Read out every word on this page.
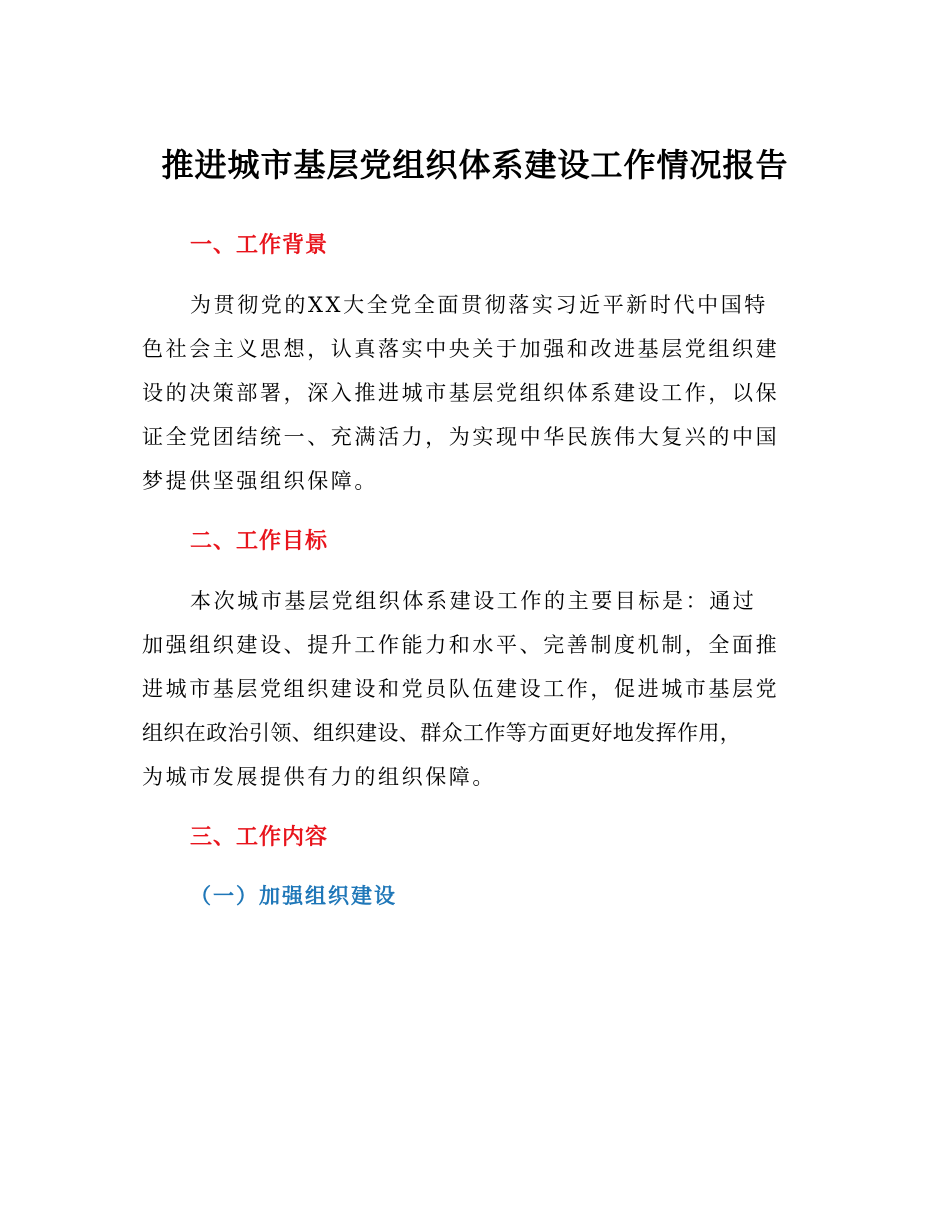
推进城市基层党组织体系建设工作情况报告
一、工作背景
为贯彻党的XX大全党全面贯彻落实习近平新时代中国特
色社会主义思想，认真落实中央关于加强和改进基层党组织建
设的决策部署，深入推进城市基层党组织体系建设工作，以保
证全党团结统一、充满活力，为实现中华民族伟大复兴的中国
梦提供坚强组织保障。
二、工作目标
本次城市基层党组织体系建设工作的主要目标是：通过
加强组织建设、提升工作能力和水平、完善制度机制，全面推
进城市基层党组织建设和党员队伍建设工作，促进城市基层党
组织在政治引领、组织建设、群众工作等方面更好地发挥作用，
为城市发展提供有力的组织保障。
三、工作内容
（一）加强组织建设
